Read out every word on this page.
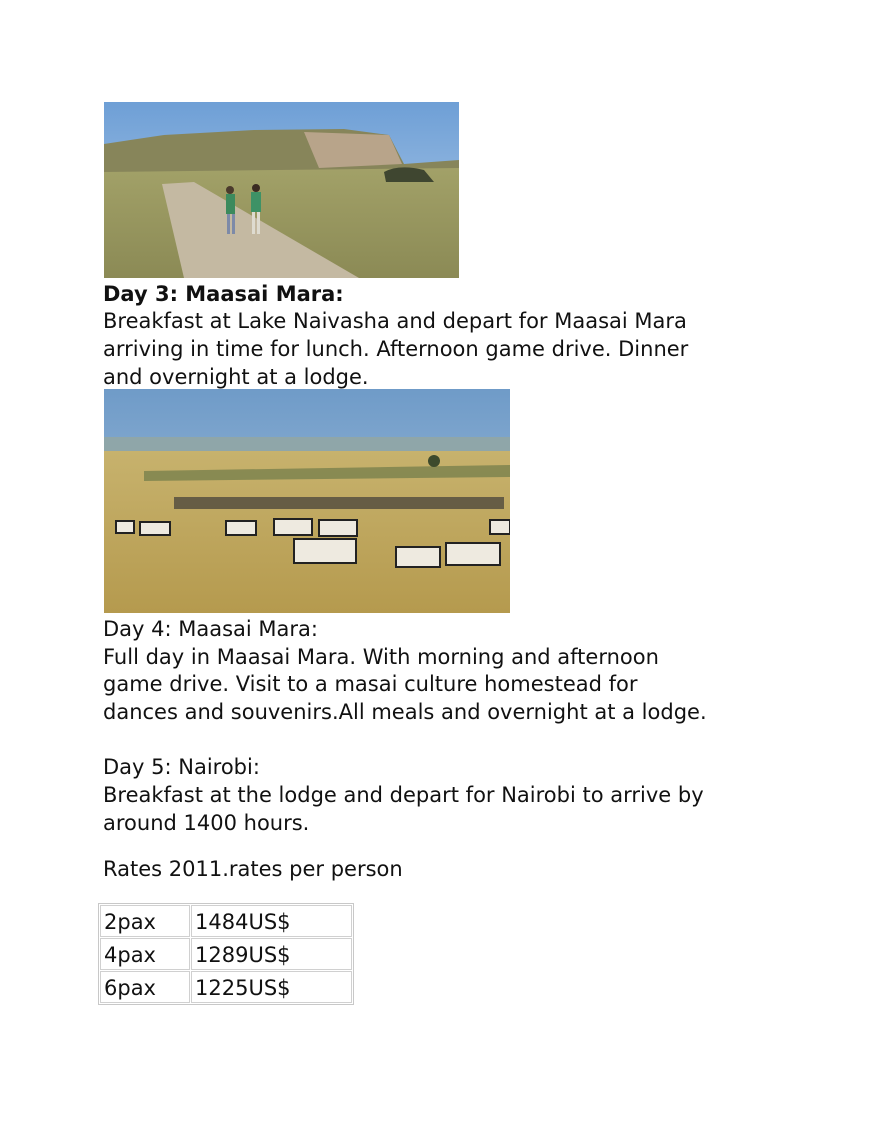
Day 3: Maasai Mara:
Breakfast at Lake Naivasha and depart for Maasai Mara
arriving in time for lunch. Afternoon game drive. Dinner
and overnight at a lodge.
Day 4: Maasai Mara:
Full day in Maasai Mara. With morning and afternoon
game drive. Visit to a masai culture homestead for
dances and souvenirs.All meals and overnight at a lodge.
Day 5: Nairobi:
Breakfast at the lodge and depart for Nairobi to arrive by
around 1400 hours.
Rates 2011.rates per person
2pax	1484US$
4pax	1289US$
6pax	1225US$
